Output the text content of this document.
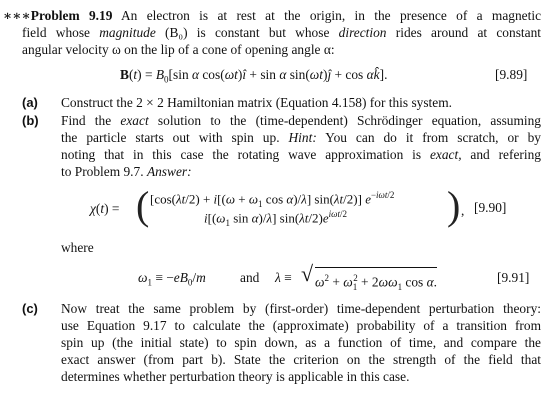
∗∗∗Problem 9.19 An electron is at rest at the origin, in the presence of a magnetic
field whose magnitude (B₀) is constant but whose direction rides around at constant
angular velocity ω on the lip of a cone of opening angle α:
$B(t) = B_0[\sin$ α cos(ωt)î + sin α sin(ωt)ĵ + cos αk̂].	[9.89]
(a) Construct the 2 × 2 Hamiltonian matrix (Equation 4.158) for this system.
(b) Find the exact solution to the (time-dependent) Schrödinger equation, assuming
the particle starts out with spin up. Hint: You can do it from scratch, or by
noting that in this case the rotating wave approximation is exact, and refering
to Problem 9.7. Answer:
χ(t) = ( [$\cos(\lambda t/2) + i[(\omega + \omega_1$ cos α)/λ] sin(λt/2)] $e^{-i\omega t/2}$
$i[(\omega_1$ sin α)/λ] $\sin(\lambda t/2)e^{i\omega t/2}$ ) , [9.90]
where
$\omega_1 \equiv -eB_0/m$	and λ ≡ √ $\omega^2 + \omega_1^2 + 2\omega\omega_1$ cos α.	[9.91]
(c) Now treat the same problem by (first-order) time-dependent perturbation theory:
use Equation 9.17 to calculate the (approximate) probability of a transition from
spin up (the initial state) to spin down, as a function of time, and compare the
exact answer (from part b). State the criterion on the strength of the field that
determines whether perturbation theory is applicable in this case.
